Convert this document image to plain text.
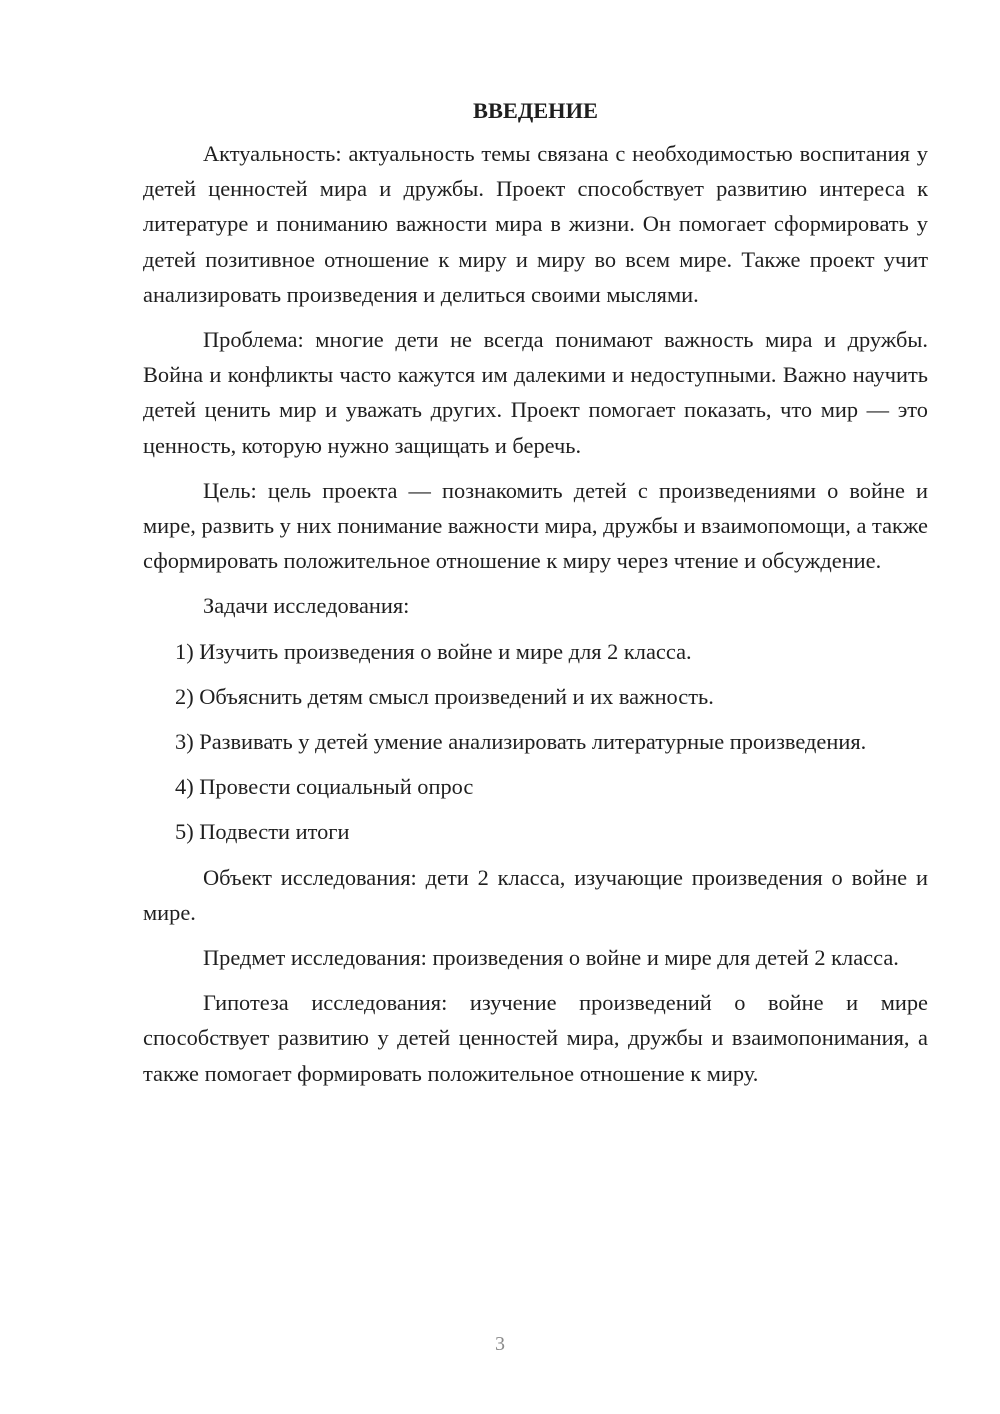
ВВЕДЕНИЕ
Актуальность: актуальность темы связана с необходимостью воспитания у детей ценностей мира и дружбы. Проект способствует развитию интереса к литературе и пониманию важности мира в жизни. Он помогает сформировать у детей позитивное отношение к миру и миру во всем мире. Также проект учит анализировать произведения и делиться своими мыслями.
Проблема: многие дети не всегда понимают важность мира и дружбы. Война и конфликты часто кажутся им далекими и недоступными. Важно научить детей ценить мир и уважать других. Проект помогает показать, что мир — это ценность, которую нужно защищать и беречь.
Цель: цель проекта — познакомить детей с произведениями о войне и мире, развить у них понимание важности мира, дружбы и взаимопомощи, а также сформировать положительное отношение к миру через чтение и обсуждение.
Задачи исследования:
1) Изучить произведения о войне и мире для 2 класса.
2) Объяснить детям смысл произведений и их важность.
3) Развивать у детей умение анализировать литературные произведения.
4) Провести социальный опрос
5) Подвести итоги
Объект исследования: дети 2 класса, изучающие произведения о войне и мире.
Предмет исследования: произведения о войне и мире для детей 2 класса.
Гипотеза исследования: изучение произведений о войне и мире способствует развитию у детей ценностей мира, дружбы и взаимопонимания, а также помогает формировать положительное отношение к миру.
3
